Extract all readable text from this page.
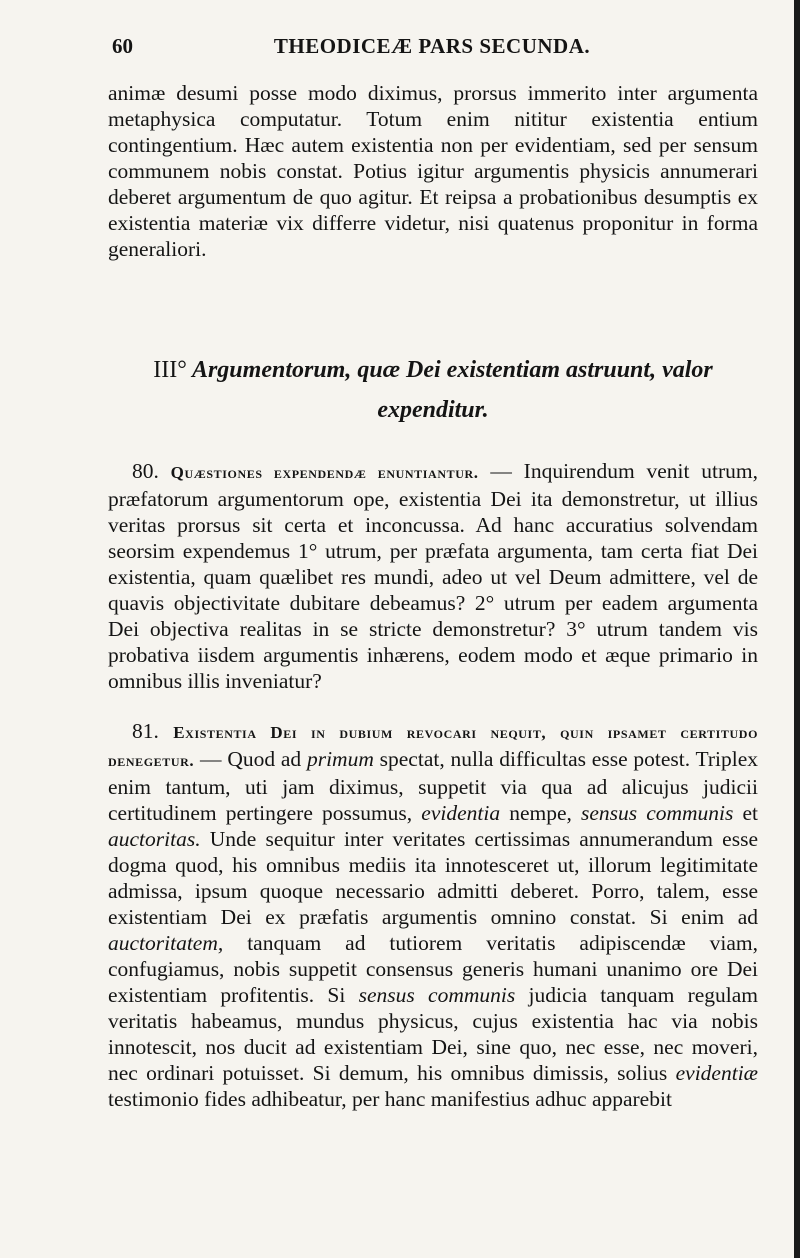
60	THEODICEÆ PARS SECUNDA.

animæ desumi posse modo diximus, prorsus immerito inter argumenta metaphysica computatur. Totum enim nititur existentia entium contingentium. Hæc autem existentia non per evidentiam, sed per sensum communem nobis constat. Potius igitur argumentis physicis annumerari deberet argumentum de quo agitur. Et reipsa a probationibus desumptis ex existentia materiæ vix differre videtur, nisi quatenus proponitur in forma generaliori.

III° Argumentorum, quæ Dei existentiam astruunt, valor
expenditur.

80. Quæstiones expendendæ enuntiantur. — Inquirendum venit utrum, præfatorum argumentorum ope, existentia Dei ita demonstretur, ut illius veritas prorsus sit certa et inconcussa. Ad hanc accuratius solvendam seorsim expendemus 1° utrum, per præfata argumenta, tam certa fiat Dei existentia, quam quælibet res mundi, adeo ut vel Deum admittere, vel de quavis objectivitate dubitare debeamus? 2° utrum per eadem argumenta Dei objectiva realitas in se stricte demonstretur? 3° utrum tandem vis probativa iisdem argumentis inhærens, eodem modo et æque primario in omnibus illis inveniatur?

81. Existentia Dei in dubium revocari nequit, quin ipsamet certitudo denegetur. — Quod ad primum spectat, nulla difficultas esse potest. Triplex enim tantum, uti jam diximus, suppetit via qua ad alicujus judicii certitudinem pertingere possumus, evidentia nempe, sensus communis et auctoritas. Unde sequitur inter veritates certissimas annumerandum esse dogma quod, his omnibus mediis ita innotesceret ut, illorum legitimitate admissa, ipsum quoque necessario admitti deberet. Porro, talem, esse existentiam Dei ex præfatis argumentis omnino constat. Si enim ad auctoritatem, tanquam ad tutiorem veritatis adipiscendæ viam, confugiamus, nobis suppetit consensus generis humani unanimo ore Dei existentiam profitentis. Si sensus communis judicia tanquam regulam veritatis habeamus, mundus physicus, cujus existentia hac via nobis innotescit, nos ducit ad existentiam Dei, sine quo, nec esse, nec moveri, nec ordinari potuisset. Si demum, his omnibus dimissis, solius evidentiæ testimonio fides adhibeatur, per hanc manifestius adhuc apparebit
